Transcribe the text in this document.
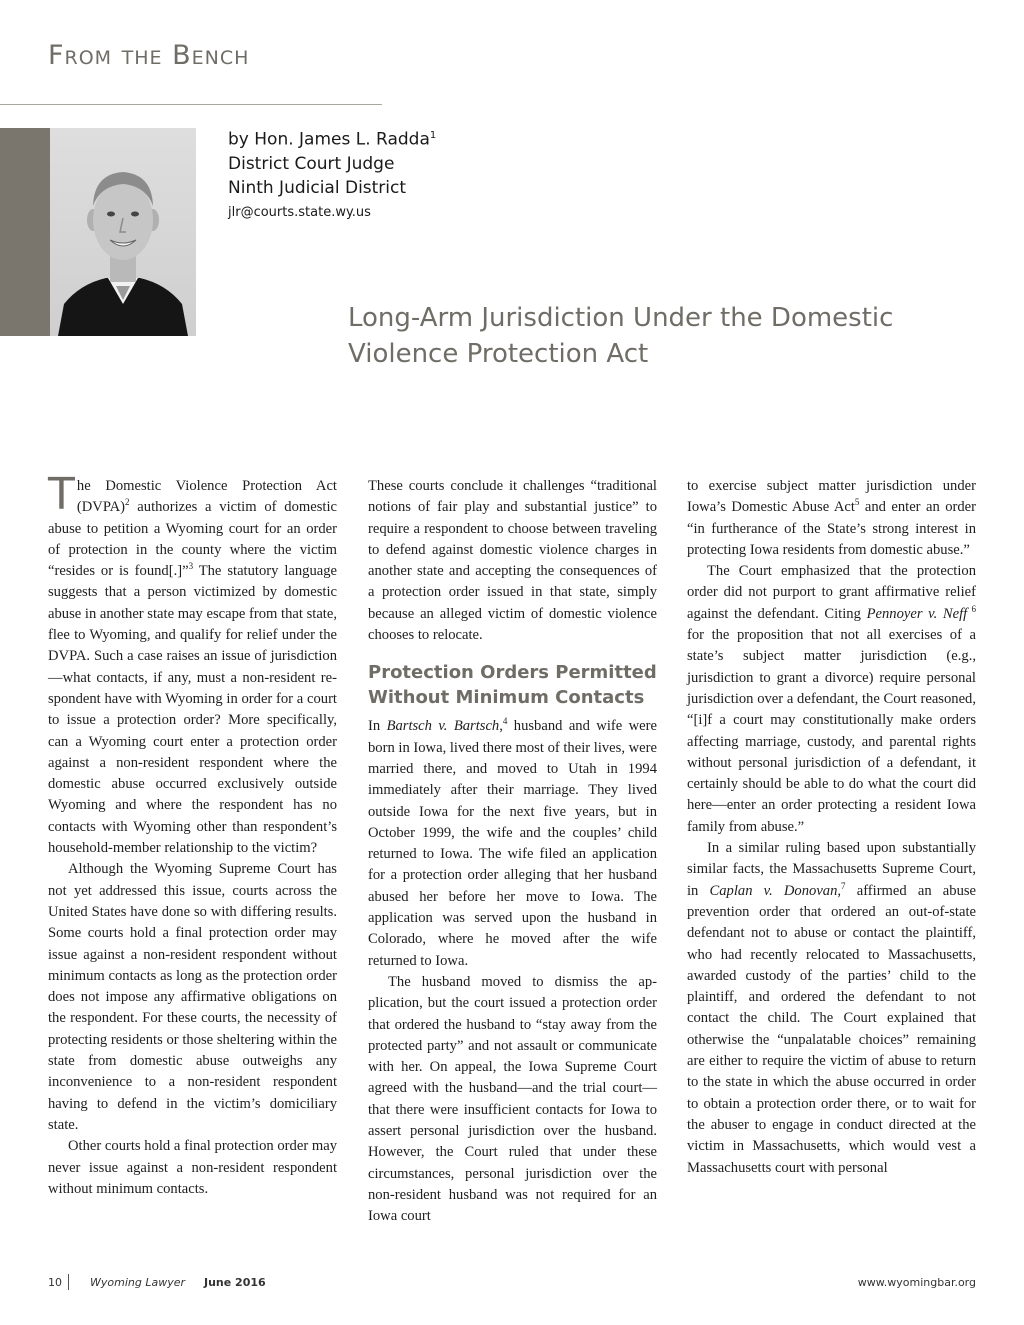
From the Bench
by Hon. James L. Radda$^1$
District Court Judge
Ninth Judicial District
jlr@courts.state.wy.us
Long-Arm Jurisdiction Under the Domestic Violence Protection Act

The Domestic Violence Protection Act (DVPA)$^2$ authorizes a victim of domestic abuse to petition a Wyoming court for an order of protection in the county where the victim “resides or is found[.]”$^3$ The statutory language suggests that a person victimized by domestic abuse in another state may escape from that state, flee to Wyoming, and qualify for relief under the DVPA. Such a case raises an issue of jurisdiction—what contacts, if any, must a non-resident respondent have with Wyoming in order for a court to issue a protection order? More specifically, can a Wyoming court enter a protection order against a non-resident respondent where the domestic abuse occurred exclusively outside Wyoming and where the respondent has no contacts with Wyoming other than respondent’s household-member relationship to the victim?

Although the Wyoming Supreme Court has not yet addressed this issue, courts across the United States have done so with differing results. Some courts hold a final protection order may issue against a non-resident respondent without minimum contacts as long as the protection order does not impose any affirmative obligations on the respondent. For these courts, the necessity of protecting residents or those sheltering within the state from domestic abuse outweighs any inconvenience to a non-resident respondent having to defend in the victim’s domiciliary state.

Other courts hold a final protection order may never issue against a non-resident respondent without minimum contacts.

These courts conclude it challenges “traditional notions of fair play and substantial justice” to require a respondent to choose between traveling to defend against domestic violence charges in another state and accepting the consequences of a protection order issued in that state, simply because an alleged victim of domestic violence chooses to relocate.

Protection Orders Permitted Without Minimum Contacts

In Bartsch v. Bartsch,$^4$ husband and wife were born in Iowa, lived there most of their lives, were married there, and moved to Utah in 1994 immediately after their marriage. They lived outside Iowa for the next five years, but in October 1999, the wife and the couples’ child returned to Iowa. The wife filed an application for a protection order alleging that her husband abused her before her move to Iowa. The application was served upon the husband in Colorado, where he moved after the wife returned to Iowa.

The husband moved to dismiss the application, but the court issued a protection order that ordered the husband to “stay away from the protected party” and not assault or communicate with her. On appeal, the Iowa Supreme Court agreed with the husband—and the trial court—that there were insufficient contacts for Iowa to assert personal jurisdiction over the husband. However, the Court ruled that under these circumstances, personal jurisdiction over the non-resident husband was not required for an Iowa court

to exercise subject matter jurisdiction under Iowa’s Domestic Abuse Act$^5$ and enter an order “in furtherance of the State’s strong interest in protecting Iowa residents from domestic abuse.”

The Court emphasized that the protection order did not purport to grant affirmative relief against the defendant. Citing Pennoyer v. Neff $^6$ for the proposition that not all exercises of a state’s subject matter jurisdiction (e.g., jurisdiction to grant a divorce) require personal jurisdiction over a defendant, the Court reasoned, “[i]f a court may constitutionally make orders affecting marriage, custody, and parental rights without personal jurisdiction of a defendant, it certainly should be able to do what the court did here—enter an order protecting a resident Iowa family from abuse.”

In a similar ruling based upon substantially similar facts, the Massachusetts Supreme Court, in Caplan v. Donovan,$^7$ affirmed an abuse prevention order that ordered an out-of-state defendant not to abuse or contact the plaintiff, who had recently relocated to Massachusetts, awarded custody of the parties’ child to the plaintiff, and ordered the defendant to not contact the child. The Court explained that otherwise the “unpalatable choices” remaining are either to require the victim of abuse to return to the state in which the abuse occurred in order to obtain a protection order there, or to wait for the abuser to engage in conduct directed at the victim in Massachusetts, which would vest a Massachusetts court with personal

10	Wyoming Lawyer June 2016	www.wyomingbar.org
